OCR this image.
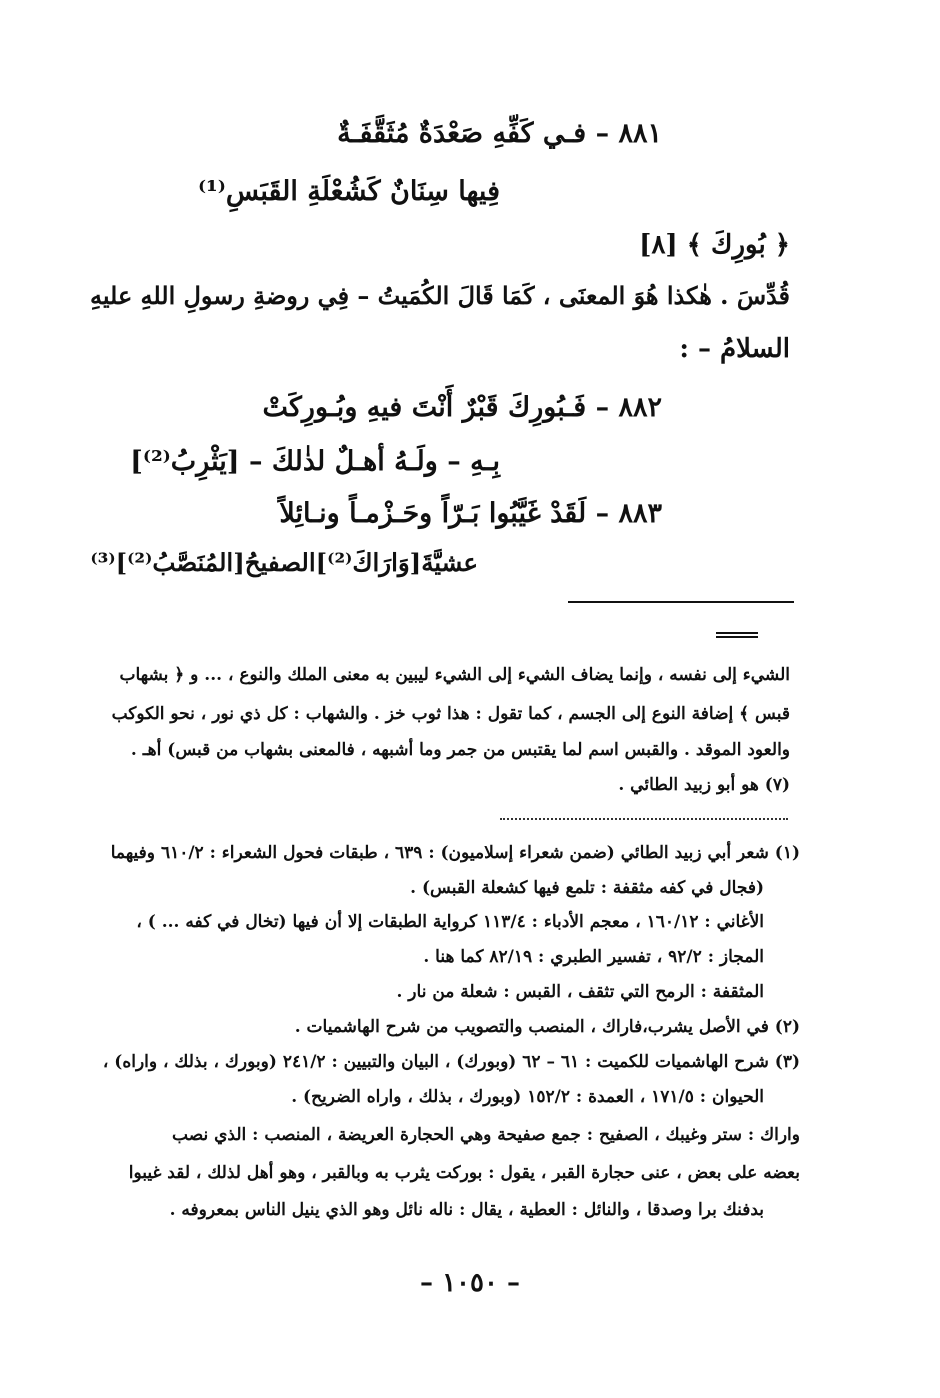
٨٨١ – فـي كَفِّهِ صَعْدَةٌ مُثَقَّفَـةٌ
فِيها سِنَانٌ كَشُعْلَةِ القَبَسِ⁽¹⁾
﴿ بُورِكَ ﴾ [٨]
قُدِّسَ . هٰكذا هُوَ المعنَى ، كَمَا قَالَ الكُمَيتُ – فِي روضةِ رسولِ اللهِ عليهِ
السلامُ – :
٨٨٢ – فَـبُورِكَ قَبْرٌ أَنْتَ فيهِ وبُـورِكَتْ
بِـهِ – ولَـهُ أهـلٌ لذٰلكَ – [يَثْرِبُ⁽²⁾]
٨٨٣ – لَقَدْ غَيَّبُوا بَـرّاً وحَـزْمـاً ونـائِلاً
عشيَّةَ[وَارَاكَ⁽²⁾]الصفيحُ[المُنَصَّبُ⁽²⁾]⁽³⁾
الشيء إلى نفسه ، وإنما يضاف الشيء إلى الشيء ليبين به معنى الملك والنوع ، ... و ﴿ بشهاب
قبس ﴾ إضافة النوع إلى الجسم ، كما تقول : هذا ثوب خز . والشهاب : كل ذي نور ، نحو الكوكب
والعود الموقد . والقبس اسم لما يقتبس من جمر وما أشبهه ، فالمعنى بشهاب من قبس) أهـ .
(٧) هو أبو زبيد الطائي .
(١) شعر أبي زبيد الطائي (ضمن شعراء إسلاميون) : ٦٣٩ ، طبقات فحول الشعراء : ٦١٠/٢ وفيهما
(فجال في كفه مثقفة : تلمع فيها كشعلة القبس) .
الأغاني : ١٦٠/١٢ ، معجم الأدباء : ١١٣/٤ كرواية الطبقات إلا أن فيها (تخال في كفه ... ) ،
المجاز : ٩٢/٢ ، تفسير الطبري : ٨٢/١٩ كما هنا .
المثقفة : الرمح التي تثقف ، القبس : شعلة من نار .
(٢) في الأصل يشرب،فاراك ، المنصب والتصويب من شرح الهاشميات .
(٣) شرح الهاشميات للكميت : ٦١ – ٦٢ (وبورك) ، البيان والتبيين : ٢٤١/٢ (وبورك ، بذلك ، واراه) ،
الحيوان : ١٧١/٥ ، العمدة : ١٥٢/٢ (وبورك ، بذلك ، واراه الضريح) .
واراك : ستر وغيبك ، الصفيح : جمع صفيحة وهي الحجارة العريضة ، المنصب : الذي نصب
بعضه على بعض ، عنى حجارة القبر ، يقول : بوركت يثرب به وبالقبر ، وهو أهل لذلك ، لقد غيبوا
بدفنك برا وصدقا ، والنائل : العطية ، يقال : ناله نائل وهو الذي ينيل الناس بمعروفه .
– ١٠٥٠ –
